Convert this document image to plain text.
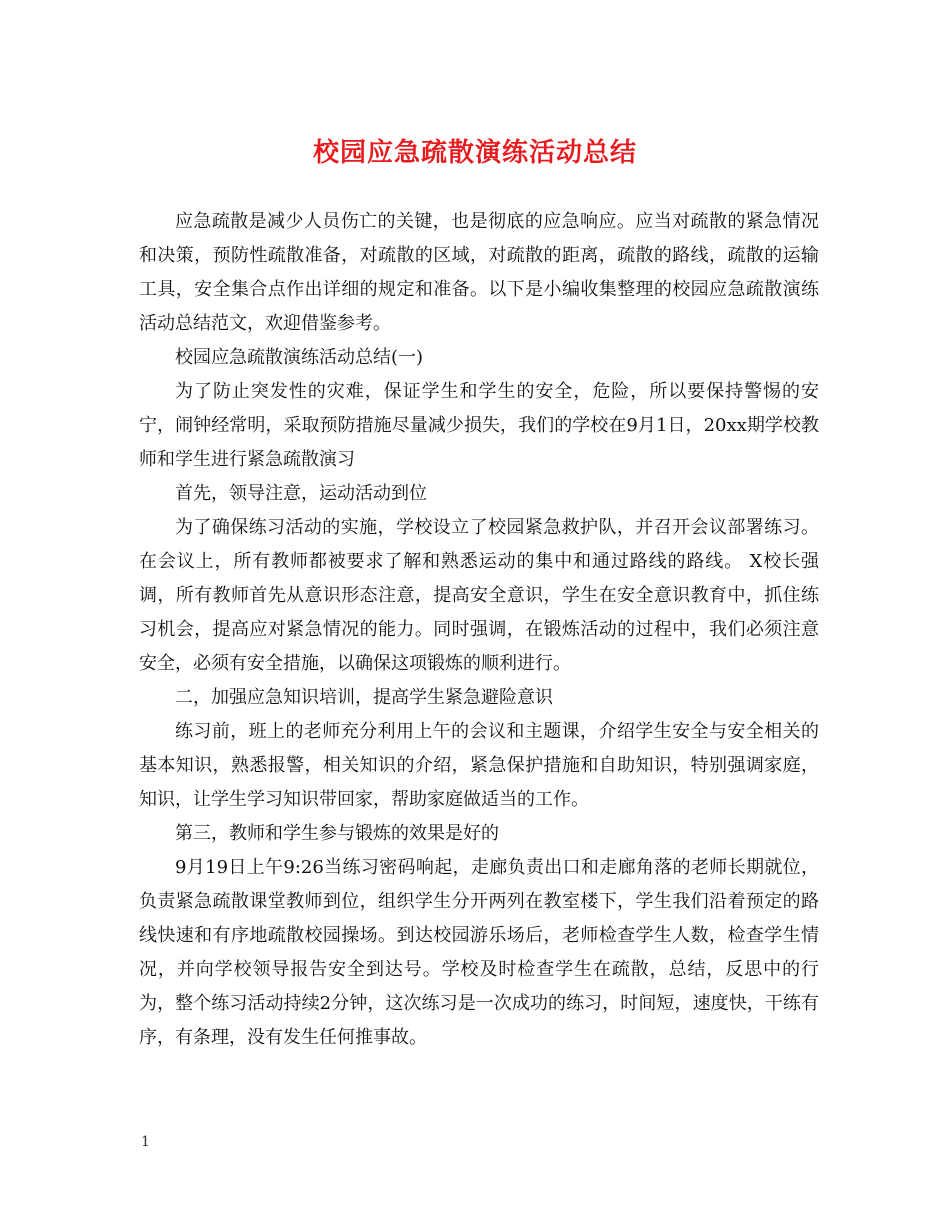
校园应急疏散演练活动总结

应急疏散是减少人员伤亡的关键，也是彻底的应急响应。应当对疏散的紧急情况和决策，预防性疏散准备，对疏散的区域，对疏散的距离，疏散的路线，疏散的运输工具，安全集合点作出详细的规定和准备。以下是小编收集整理的校园应急疏散演练活动总结范文，欢迎借鉴参考。

校园应急疏散演练活动总结(一)

为了防止突发性的灾难，保证学生和学生的安全，危险，所以要保持警惕的安宁，闹钟经常明，采取预防措施尽量减少损失，我们的学校在9月1日，20xx期学校教师和学生进行紧急疏散演习

首先，领导注意，运动活动到位

为了确保练习活动的实施，学校设立了校园紧急救护队，并召开会议部署练习。在会议上，所有教师都被要求了解和熟悉运动的集中和通过路线的路线。 X校长强调，所有教师首先从意识形态注意，提高安全意识，学生在安全意识教育中，抓住练习机会，提高应对紧急情况的能力。同时强调，在锻炼活动的过程中，我们必须注意安全，必须有安全措施，以确保这项锻炼的顺利进行。

二，加强应急知识培训，提高学生紧急避险意识

练习前，班上的老师充分利用上午的会议和主题课，介绍学生安全与安全相关的基本知识，熟悉报警，相关知识的介绍，紧急保护措施和自助知识，特别强调家庭， 知识，让学生学习知识带回家，帮助家庭做适当的工作。

第三，教师和学生参与锻炼的效果是好的

9月19日上午9:26当练习密码响起，走廊负责出口和走廊角落的老师长期就位，负责紧急疏散课堂教师到位，组织学生分开两列在教室楼下，学生我们沿着预定的路线快速和有序地疏散校园操场。到达校园游乐场后，老师检查学生人数，检查学生情况，并向学校领导报告安全到达号。学校及时检查学生在疏散，总结，反思中的行为，整个练习活动持续2分钟，这次练习是一次成功的练习，时间短，速度快，干练有序，有条理，没有发生任何推事故。

1
